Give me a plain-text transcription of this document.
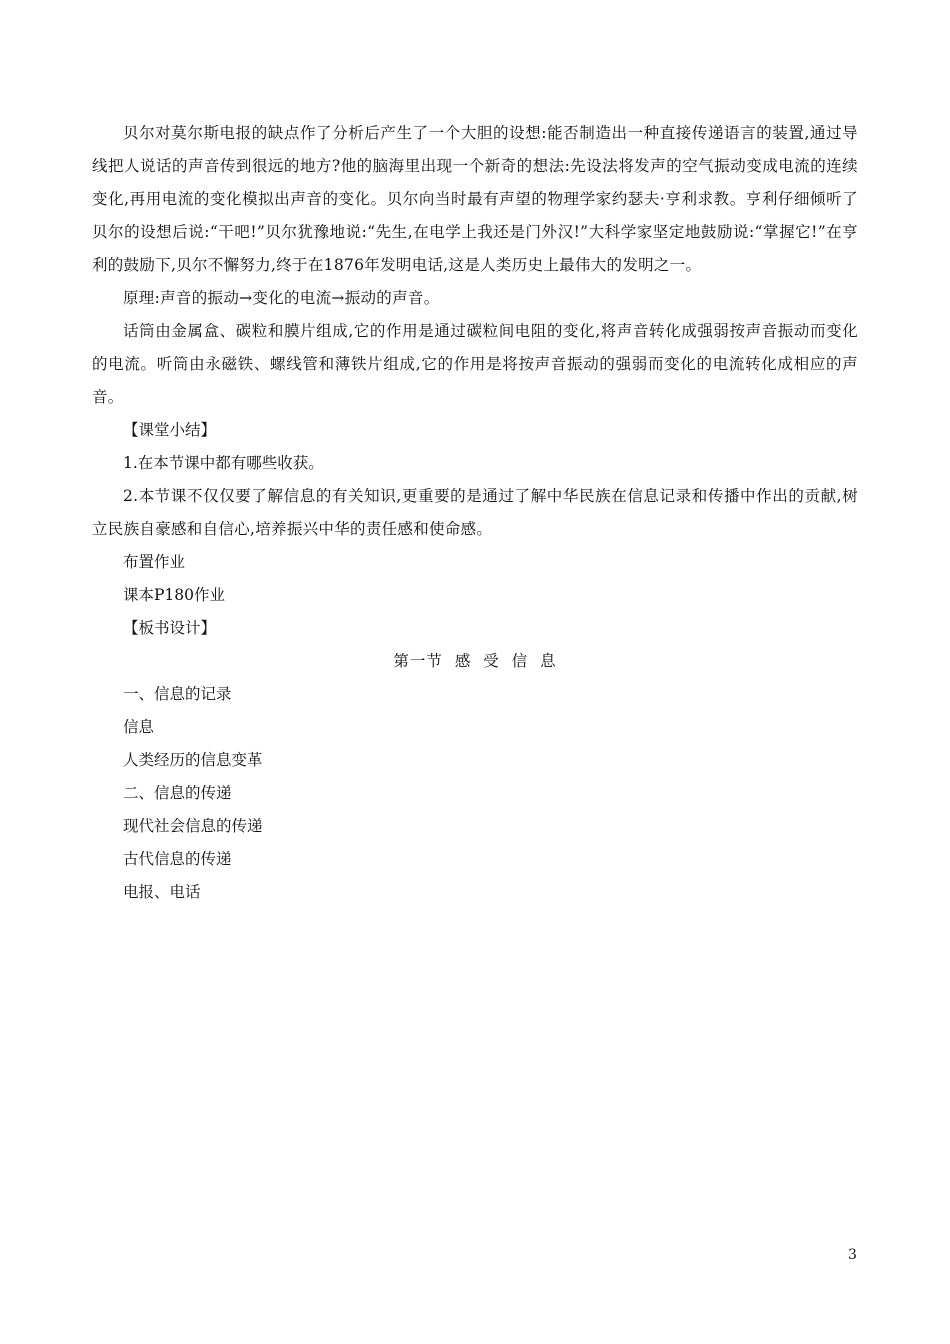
贝尔对莫尔斯电报的缺点作了分析后产生了一个大胆的设想:能否制造出一种直接传递语言的装置,通过导线把人说话的声音传到很远的地方?他的脑海里出现一个新奇的想法:先设法将发声的空气振动变成电流的连续变化,再用电流的变化模拟出声音的变化。贝尔向当时最有声望的物理学家约瑟夫·亨利求教。亨利仔细倾听了贝尔的设想后说:“干吧!”贝尔犹豫地说:“先生,在电学上我还是门外汉!”大科学家坚定地鼓励说:“掌握它!”在亨利的鼓励下,贝尔不懈努力,终于在1876年发明电话,这是人类历史上最伟大的发明之一。

原理:声音的振动→变化的电流→振动的声音。

话筒由金属盒、碳粒和膜片组成,它的作用是通过碳粒间电阻的变化,将声音转化成强弱按声音振动而变化的电流。听筒由永磁铁、螺线管和薄铁片组成,它的作用是将按声音振动的强弱而变化的电流转化成相应的声音。

【课堂小结】

1.在本节课中都有哪些收获。

2.本节课不仅仅要了解信息的有关知识,更重要的是通过了解中华民族在信息记录和传播中作出的贡献,树立民族自豪感和自信心,培养振兴中华的责任感和使命感。

布置作业

课本P180作业

【板书设计】

第一节 感 受 信 息

一、信息的记录

信息

人类经历的信息变革

二、信息的传递

现代社会信息的传递

古代信息的传递

电报、电话

3
